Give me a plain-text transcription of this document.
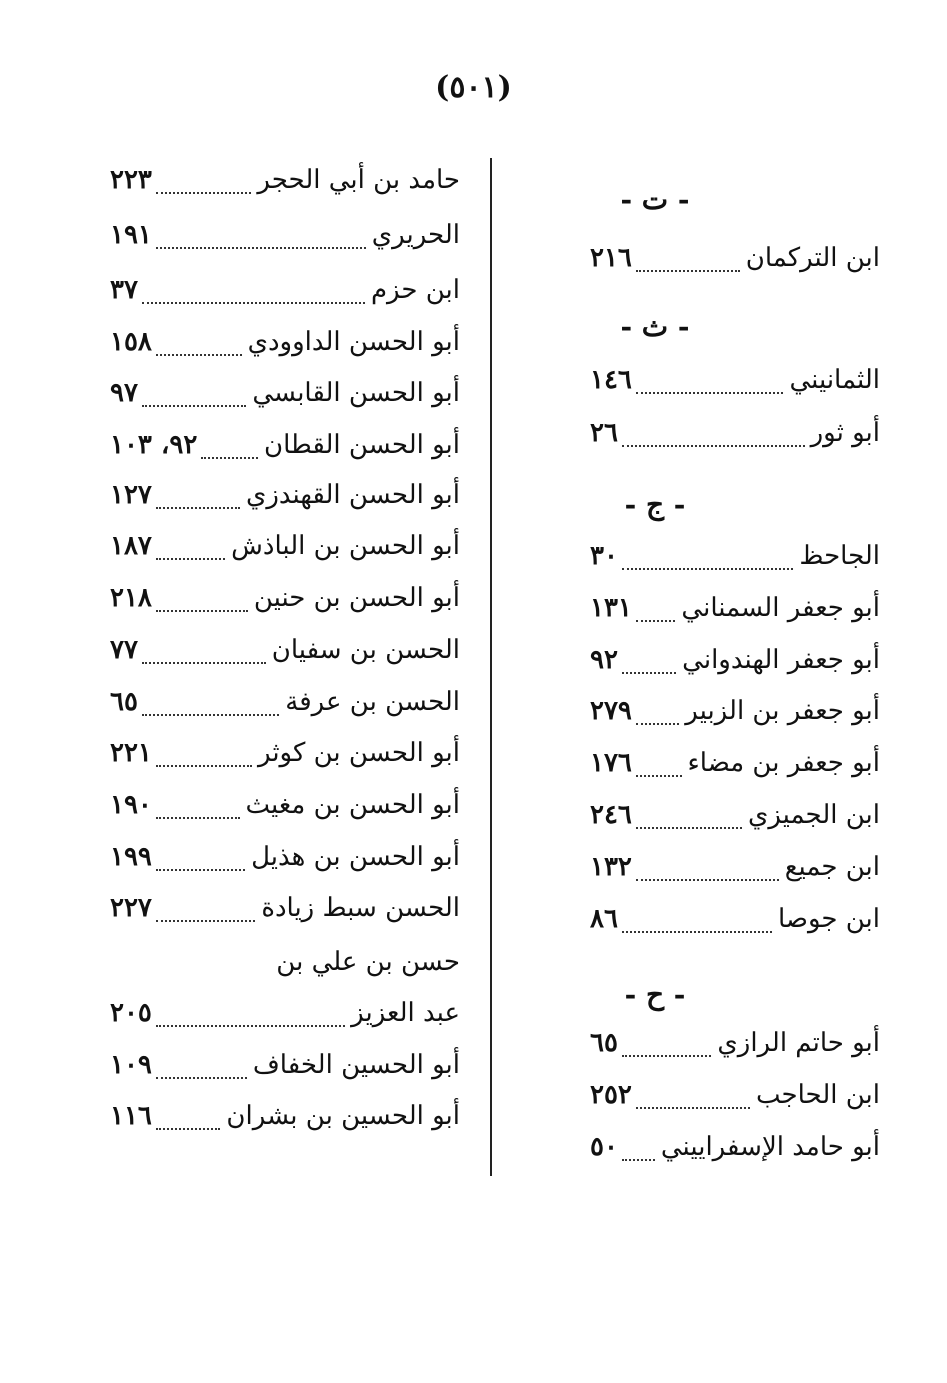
(٥٠١)
- ت -
ابن التركمان
٢١٦
- ث -
الثمانيني
١٤٦
أبو ثور
٢٦
- ج -
الجاحظ
٣٠
أبو جعفر السمناني
١٣١
أبو جعفر الهندواني
٩٢
أبو جعفر بن الزبير
٢٧٩
أبو جعفر بن مضاء
١٧٦
ابن الجميزي
٢٤٦
ابن جميع
١٣٢
ابن جوصا
٨٦
- ح -
أبو حاتم الرازي
٦٥
ابن الحاجب
٢٥٢
أبو حامد الإسفراييني
٥٠
حامد بن أبي الحجر
٢٢٣
الحريري
١٩١
ابن حزم
٣٧
أبو الحسن الداوودي
١٥٨
أبو الحسن القابسي
٩٧
أبو الحسن القطان
٩٢، ١٠٣
أبو الحسن القهندزي
١٢٧
أبو الحسن بن الباذش
١٨٧
أبو الحسن بن حنين
٢١٨
الحسن بن سفيان
٧٧
الحسن بن عرفة
٦٥
أبو الحسن بن كوثر
٢٢١
أبو الحسن بن مغيث
١٩٠
أبو الحسن بن هذيل
١٩٩
الحسن سبط زيادة
٢٢٧
حسن بن علي بن
عبد العزيز
٢٠٥
أبو الحسين الخفاف
١٠٩
أبو الحسين بن بشران
١١٦
